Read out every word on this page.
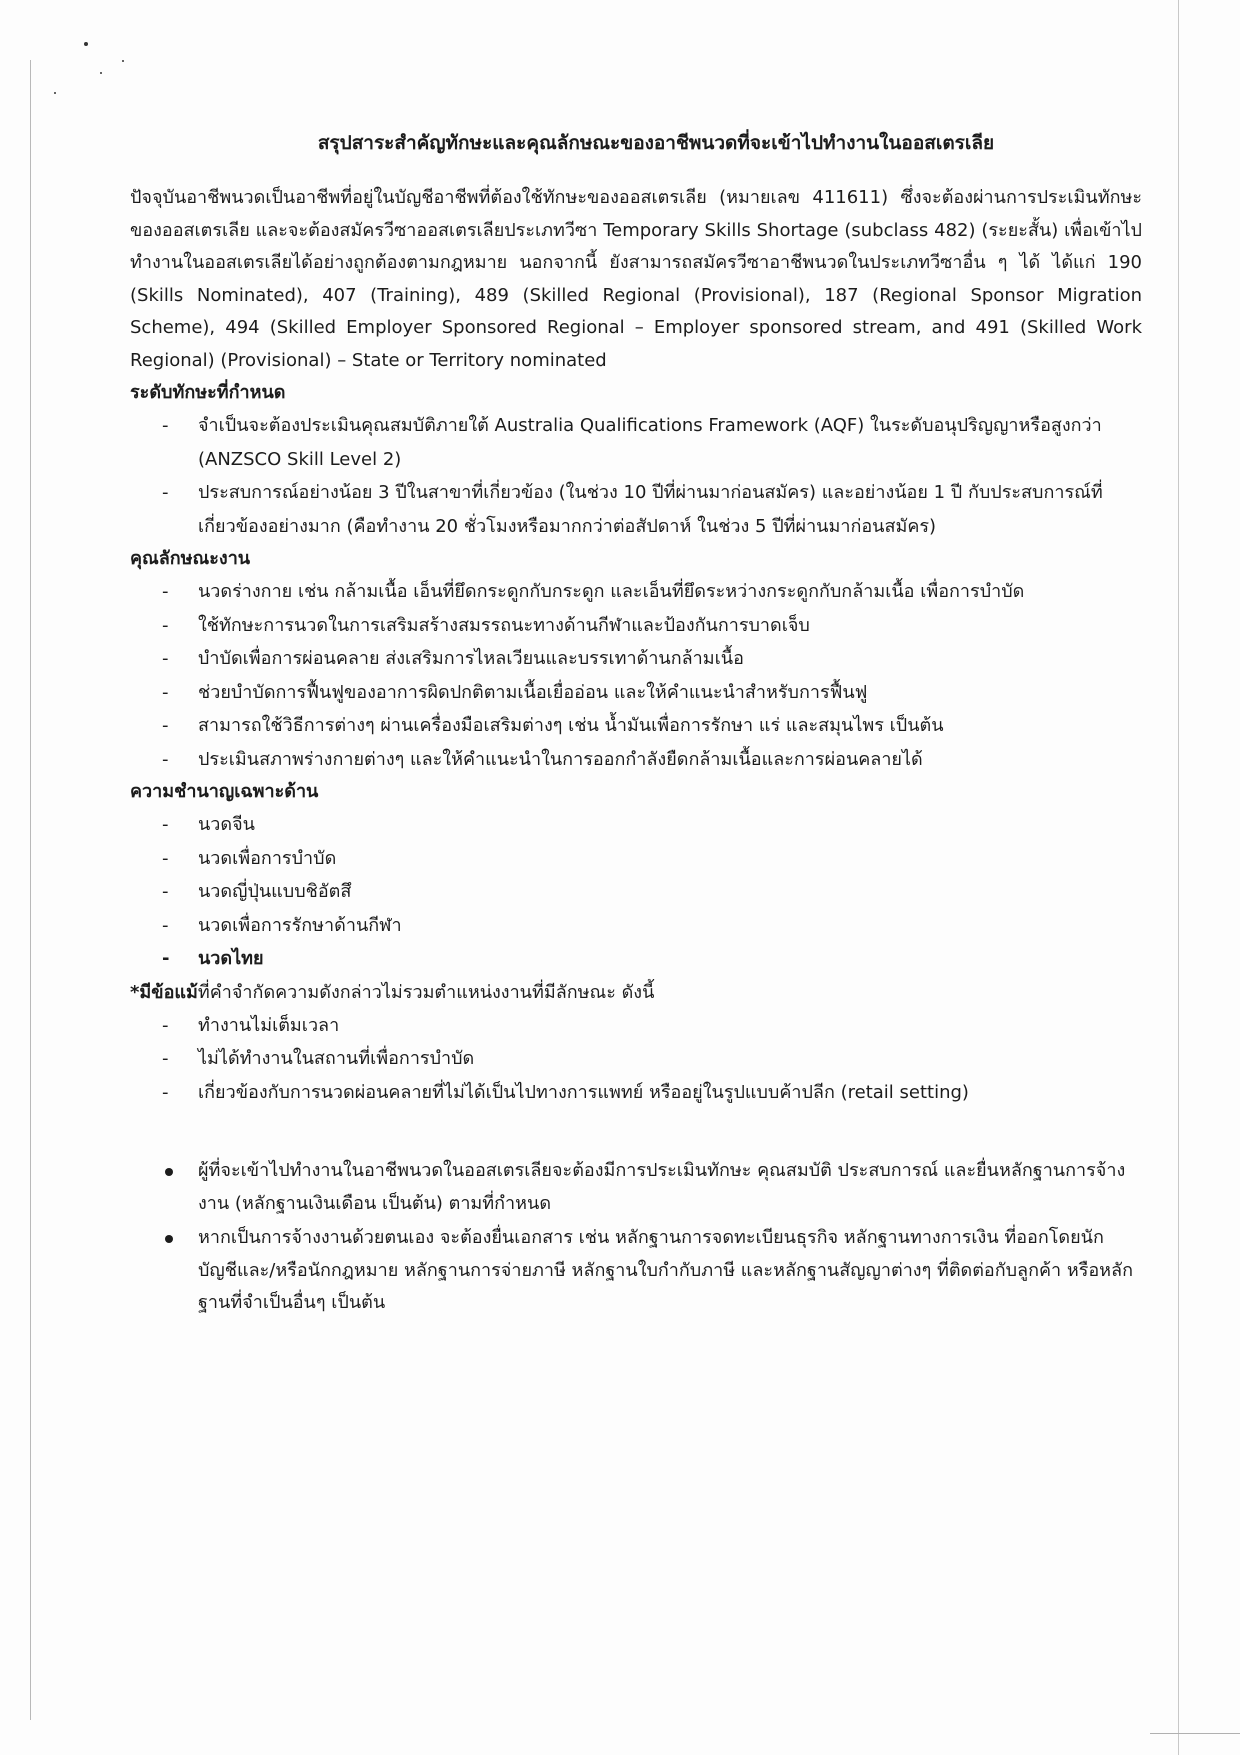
สรุปสาระสำคัญทักษะและคุณลักษณะของอาชีพนวดที่จะเข้าไปทำงานในออสเตรเลีย

ปัจจุบันอาชีพนวดเป็นอาชีพที่อยู่ในบัญชีอาชีพที่ต้องใช้ทักษะของออสเตรเลีย (หมายเลข 411611) ซึ่งจะต้องผ่านการประเมินทักษะของออสเตรเลีย และจะต้องสมัครวีซาออสเตรเลียประเภทวีซา Temporary Skills Shortage (subclass 482) (ระยะสั้น) เพื่อเข้าไปทำงานในออสเตรเลียได้อย่างถูกต้องตามกฎหมาย นอกจากนี้ ยังสามารถสมัครวีซาอาชีพนวดในประเภทวีซาอื่น ๆ ได้ ได้แก่ 190 (Skills Nominated), 407 (Training), 489 (Skilled Regional (Provisional), 187 (Regional Sponsor Migration Scheme), 494 (Skilled Employer Sponsored Regional – Employer sponsored stream, and 491 (Skilled Work Regional) (Provisional) – State or Territory nominated

ระดับทักษะที่กำหนด
- จำเป็นจะต้องประเมินคุณสมบัติภายใต้ Australia Qualifications Framework (AQF) ในระดับอนุปริญญาหรือสูงกว่า (ANZSCO Skill Level 2)
- ประสบการณ์อย่างน้อย 3 ปีในสาขาที่เกี่ยวข้อง (ในช่วง 10 ปีที่ผ่านมาก่อนสมัคร) และอย่างน้อย 1 ปี กับประสบการณ์ที่เกี่ยวข้องอย่างมาก (คือทำงาน 20 ชั่วโมงหรือมากกว่าต่อสัปดาห์ ในช่วง 5 ปีที่ผ่านมาก่อนสมัคร)
คุณลักษณะงาน
- นวดร่างกาย เช่น กล้ามเนื้อ เอ็นที่ยึดกระดูกกับกระดูก และเอ็นที่ยึดระหว่างกระดูกกับกล้ามเนื้อ เพื่อการบำบัด
- ใช้ทักษะการนวดในการเสริมสร้างสมรรถนะทางด้านกีฬาและป้องกันการบาดเจ็บ
- บำบัดเพื่อการผ่อนคลาย ส่งเสริมการไหลเวียนและบรรเทาด้านกล้ามเนื้อ
- ช่วยบำบัดการฟื้นฟูของอาการผิดปกติตามเนื้อเยื่ออ่อน และให้คำแนะนำสำหรับการฟื้นฟู
- สามารถใช้วิธีการต่างๆ ผ่านเครื่องมือเสริมต่างๆ เช่น น้ำมันเพื่อการรักษา แร่ และสมุนไพร เป็นต้น
- ประเมินสภาพร่างกายต่างๆ และให้คำแนะนำในการออกกำลังยืดกล้ามเนื้อและการผ่อนคลายได้
ความชำนาญเฉพาะด้าน
- นวดจีน
- นวดเพื่อการบำบัด
- นวดญี่ปุ่นแบบชิอัตสึ
- นวดเพื่อการรักษาด้านกีฬา
- นวดไทย

*มีข้อแม้ที่คำจำกัดความดังกล่าวไม่รวมตำแหน่งงานที่มีลักษณะ ดังนี้

- ทำงานไม่เต็มเวลา
- ไม่ได้ทำงานในสถานที่เพื่อการบำบัด
- เกี่ยวข้องกับการนวดผ่อนคลายที่ไม่ได้เป็นไปทางการแพทย์ หรืออยู่ในรูปแบบค้าปลีก (retail setting)
ผู้ที่จะเข้าไปทำงานในอาชีพนวดในออสเตรเลียจะต้องมีการประเมินทักษะ คุณสมบัติ ประสบการณ์ และยื่นหลักฐานการจ้างงาน (หลักฐานเงินเดือน เป็นต้น) ตามที่กำหนด
หากเป็นการจ้างงานด้วยตนเอง จะต้องยื่นเอกสาร เช่น หลักฐานการจดทะเบียนธุรกิจ หลักฐานทางการเงิน ที่ออกโดยนักบัญชีและ/หรือนักกฎหมาย หลักฐานการจ่ายภาษี หลักฐานใบกำกับภาษี และหลักฐานสัญญาต่างๆ ที่ติดต่อกับลูกค้า หรือหลักฐานที่จำเป็นอื่นๆ เป็นต้น
